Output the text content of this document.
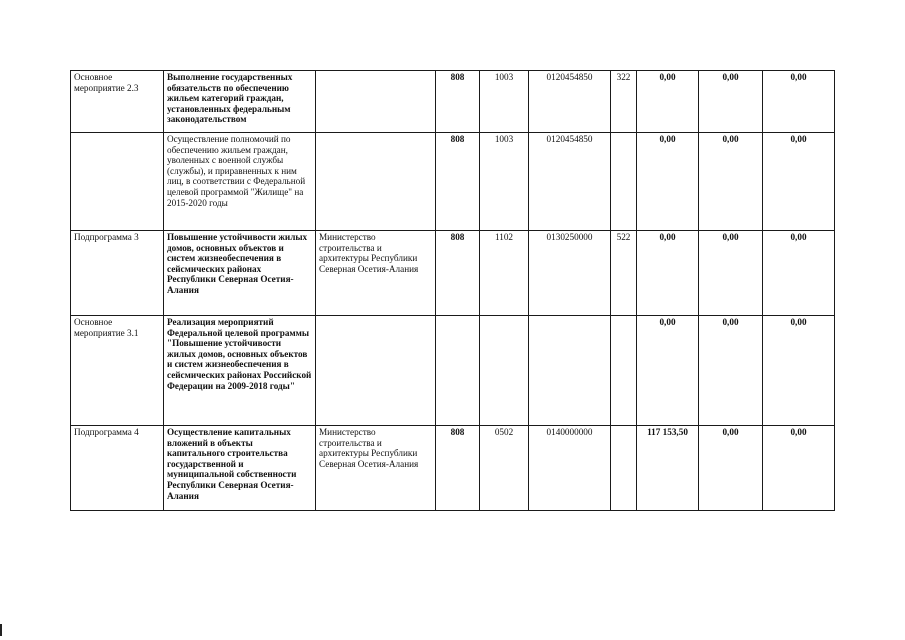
Основное мероприятие 2.3	Выполнение государственных обязательств по обеспечению жильем категорий граждан, установленных федеральным законодательством		808	1003	0120454850	322	0,00	0,00	0,00

	Осуществление полномочий по обеспечению жильем граждан, уволенных с военной службы (службы), и приравненных к ним лиц, в соответствии с Федеральной целевой программой "Жилище" на 2015-2020 годы		808	1003	0120454850		0,00	0,00	0,00

Подпрограмма 3	Повышение устойчивости жилых домов, основных объектов и систем жизнеобеспечения в сейсмических районах Республики Северная Осетия-Алания	Министерство строительства и архитектуры Республики Северная Осетия-Алания	808	1102	0130250000	522	0,00	0,00	0,00

Основное мероприятие 3.1	Реализация мероприятий Федеральной целевой программы "Повышение устойчивости жилых домов, основных объектов и систем жизнеобеспечения в сейсмических районах Российской Федерации на 2009-2018 годы"						0,00	0,00	0,00

Подпрограмма 4	Осуществление капитальных вложений в объекты капитального строительства государственной и муниципальной собственности Республики Северная Осетия-Алания	Министерство строительства и архитектуры Республики Северная Осетия-Алания	808	0502	0140000000		117 153,50	0,00	0,00
